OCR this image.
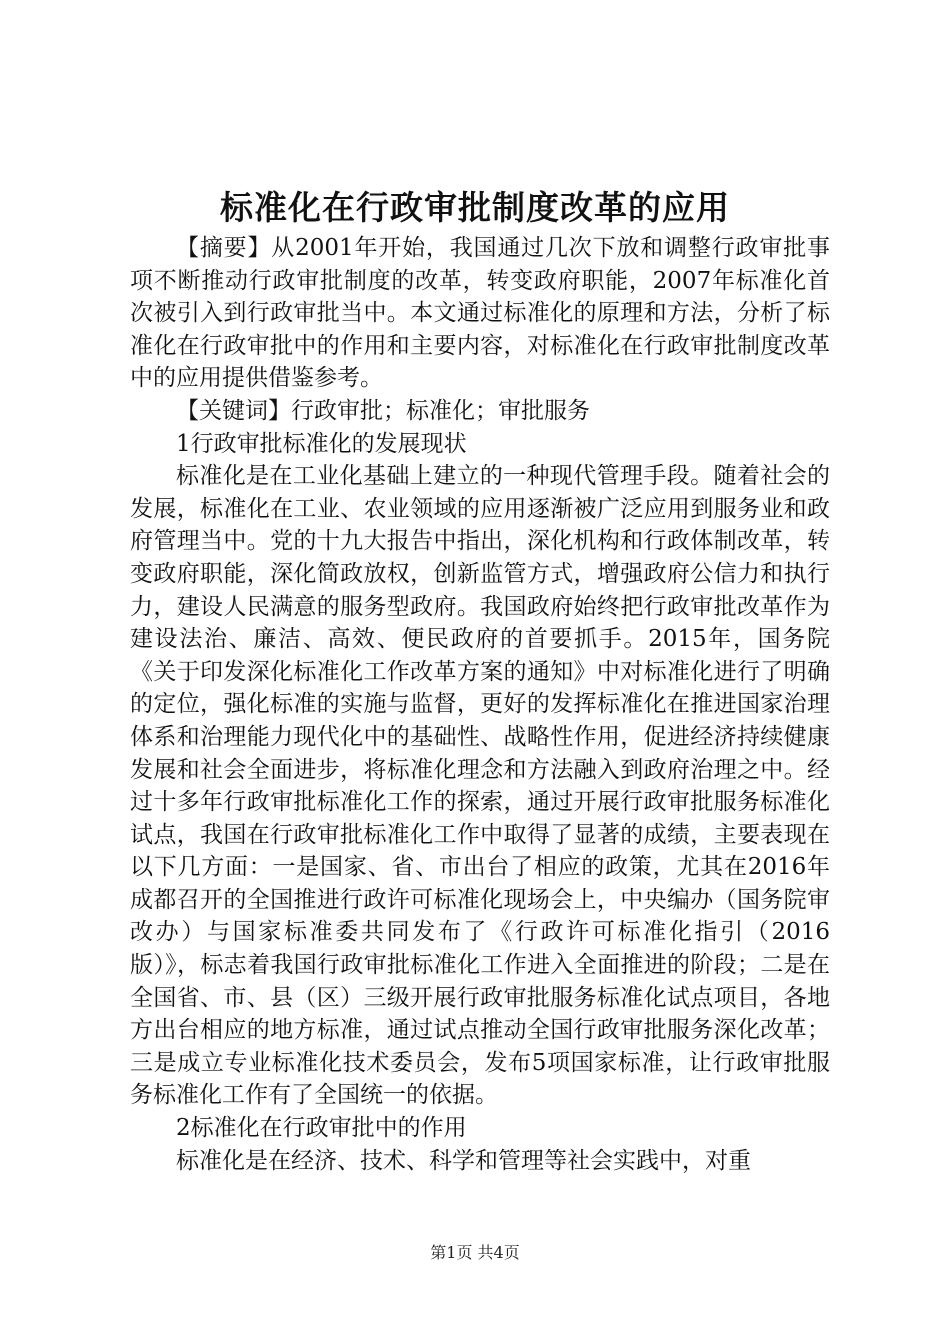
标准化在行政审批制度改革的应用

【摘要】从2001年开始，我国通过几次下放和调整行政审批事项不断推动行政审批制度的改革，转变政府职能，2007年标准化首次被引入到行政审批当中。本文通过标准化的原理和方法，分析了标准化在行政审批中的作用和主要内容，对标准化在行政审批制度改革中的应用提供借鉴参考。

【关键词】行政审批；标准化；审批服务

1行政审批标准化的发展现状

标准化是在工业化基础上建立的一种现代管理手段。随着社会的发展，标准化在工业、农业领域的应用逐渐被广泛应用到服务业和政府管理当中。党的十九大报告中指出，深化机构和行政体制改革，转变政府职能，深化简政放权，创新监管方式，增强政府公信力和执行力，建设人民满意的服务型政府。我国政府始终把行政审批改革作为建设法治、廉洁、高效、便民政府的首要抓手。2015年，国务院《关于印发深化标准化工作改革方案的通知》中对标准化进行了明确的定位，强化标准的实施与监督，更好的发挥标准化在推进国家治理体系和治理能力现代化中的基础性、战略性作用，促进经济持续健康发展和社会全面进步，将标准化理念和方法融入到政府治理之中。经过十多年行政审批标准化工作的探索，通过开展行政审批服务标准化试点，我国在行政审批标准化工作中取得了显著的成绩，主要表现在以下几方面：一是国家、省、市出台了相应的政策，尤其在2016年成都召开的全国推进行政许可标准化现场会上，中央编办（国务院审改办）与国家标准委共同发布了《行政许可标准化指引（2016版）》，标志着我国行政审批标准化工作进入全面推进的阶段；二是在全国省、市、县（区）三级开展行政审批服务标准化试点项目，各地方出台相应的地方标准，通过试点推动全国行政审批服务深化改革；三是成立专业标准化技术委员会，发布5项国家标准，让行政审批服务标准化工作有了全国统一的依据。

2标准化在行政审批中的作用

标准化是在经济、技术、科学和管理等社会实践中，对重

第1页 共4页
